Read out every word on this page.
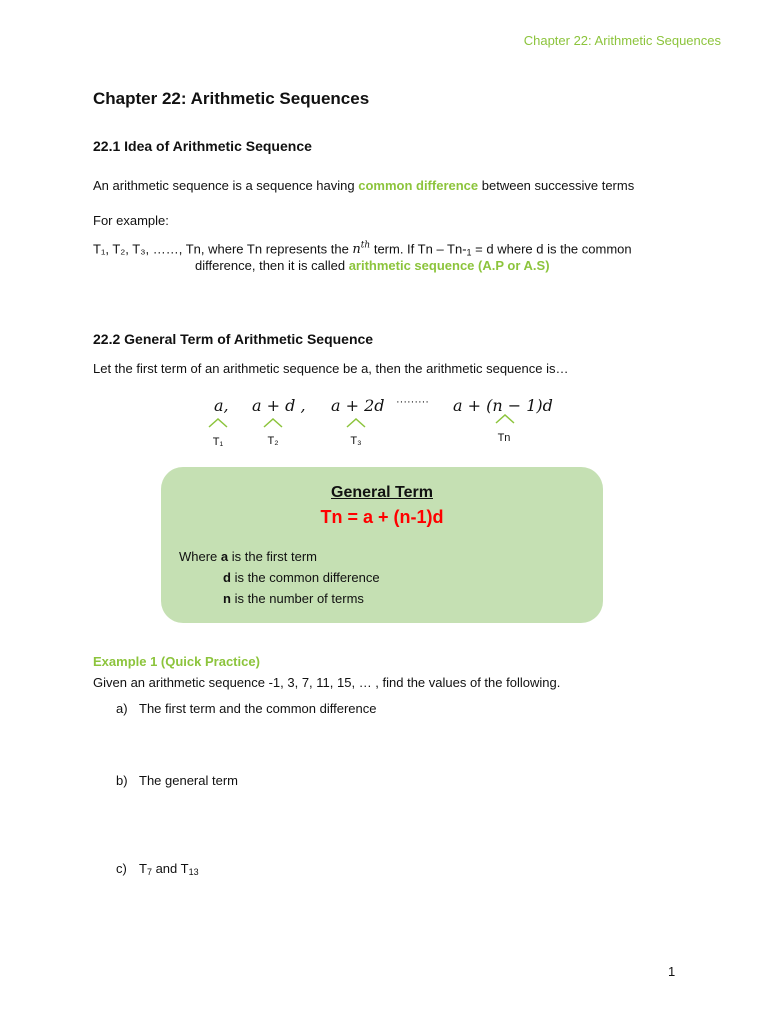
Chapter 22: Arithmetic Sequences
Chapter 22: Arithmetic Sequences
22.1 Idea of Arithmetic Sequence
An arithmetic sequence is a sequence having common difference between successive terms
For example:
T₁, T₂, T₃, ……, Tn, where Tn represents the $n^{th}$ term. If $Tn - Tn-_1 = d$ where d is the common
difference, then it is called arithmetic sequence (A.P or A.S)
22.2 General Term of Arithmetic Sequence
Let the first term of an arithmetic sequence be a, then the arithmetic sequence is…
a, a + d , a + 2d ········· a + (n − 1)d
T₁	T₂	T₃	Tn
General Term
Tn = a + (n-1)d
Where a is the first term
d is the common difference
n is the number of terms
Example 1 (Quick Practice)
Given an arithmetic sequence -1, 3, 7, 11, 15, … , find the values of the following.
a) The first term and the common difference
b) The general term
c) $T_7$ and $T_{13}$
1
